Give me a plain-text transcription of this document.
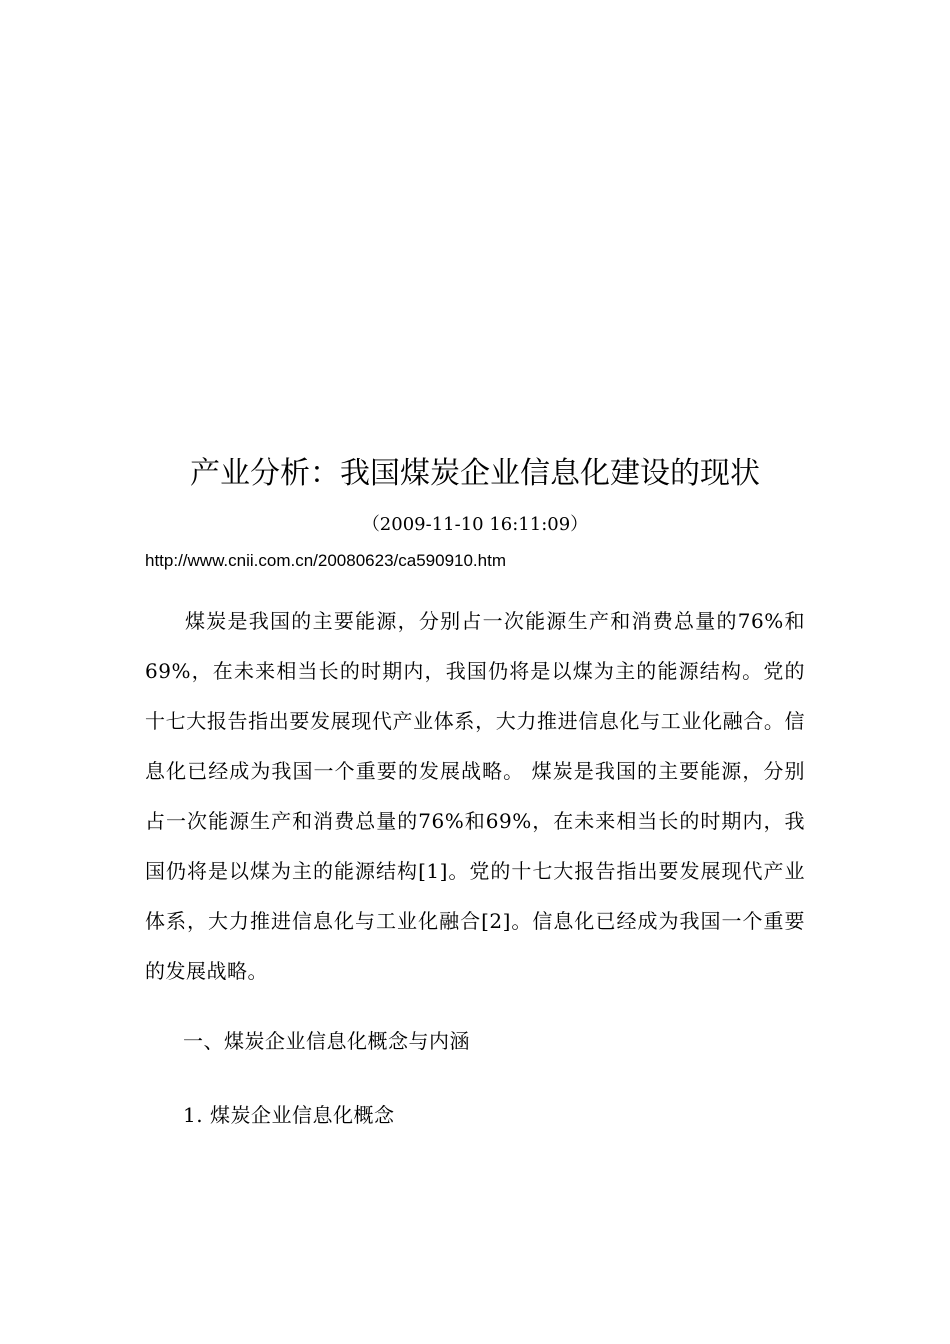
产业分析：我国煤炭企业信息化建设的现状
（2009-11-10 16:11:09）
http://www.cnii.com.cn/20080623/ca590910.htm

煤炭是我国的主要能源，分别占一次能源生产和消费总量的76%和69%，在未来相当长的时期内，我国仍将是以煤为主的能源结构。党的十七大报告指出要发展现代产业体系，大力推进信息化与工业化融合。信息化已经成为我国一个重要的发展战略。 煤炭是我国的主要能源，分别占一次能源生产和消费总量的76%和69%，在未来相当长的时期内，我国仍将是以煤为主的能源结构[1]。党的十七大报告指出要发展现代产业体系，大力推进信息化与工业化融合[2]。信息化已经成为我国一个重要的发展战略。

一、煤炭企业信息化概念与内涵
1. 煤炭企业信息化概念
